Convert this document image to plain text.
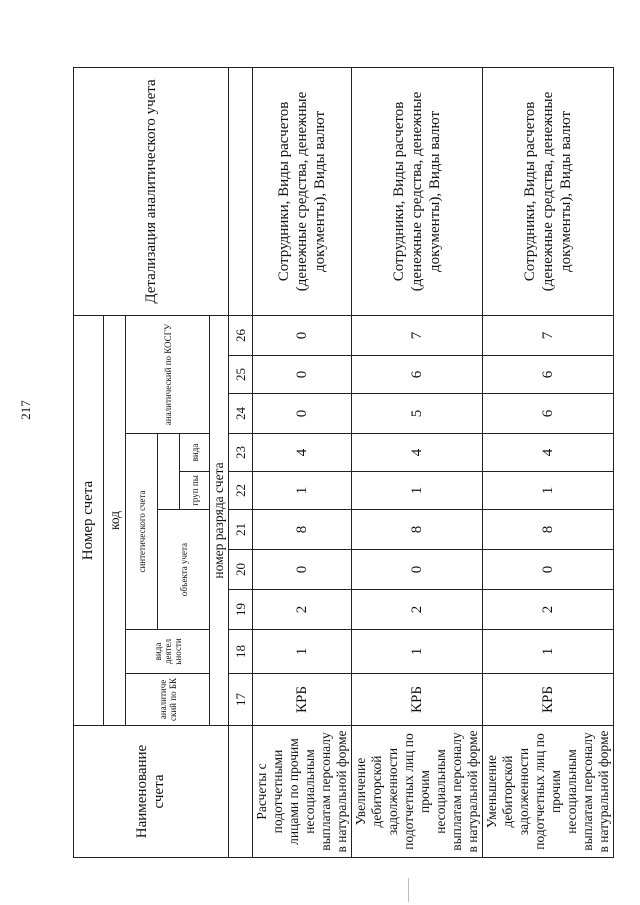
217
Наименование счета	Номер счета										Детализация аналитического учета
	код										
	аналитиче ский по БК	вида деятел ьности	синтетического счета					аналитический по КОСГУ			
			объекта учета								
						груп пы	вида				
	номер разряда счета										
	17	18	19	20	21	22	23	24	25	26	
Расчеты с подотчетными лицами по прочим несоциальным выплатам персоналу в натуральной форме	КРБ	1	2	0	8	1	4	0	0	0	Сотрудники, Виды расчетов (денежные средства, денежные документы), Виды валют
Увеличение дебиторской задолженности подотчетных лиц по прочим несоциальным выплатам персоналу в натуральной форме	КРБ	1	2	0	8	1	4	5	6	7	Сотрудники, Виды расчетов (денежные средства, денежные документы), Виды валют
Уменьшение дебиторской задолженности подотчетных лиц по прочим несоциальным выплатам персоналу в натуральной форме	КРБ	1	2	0	8	1	4	6	6	7	Сотрудники, Виды расчетов (денежные средства, денежные документы), Виды валют
